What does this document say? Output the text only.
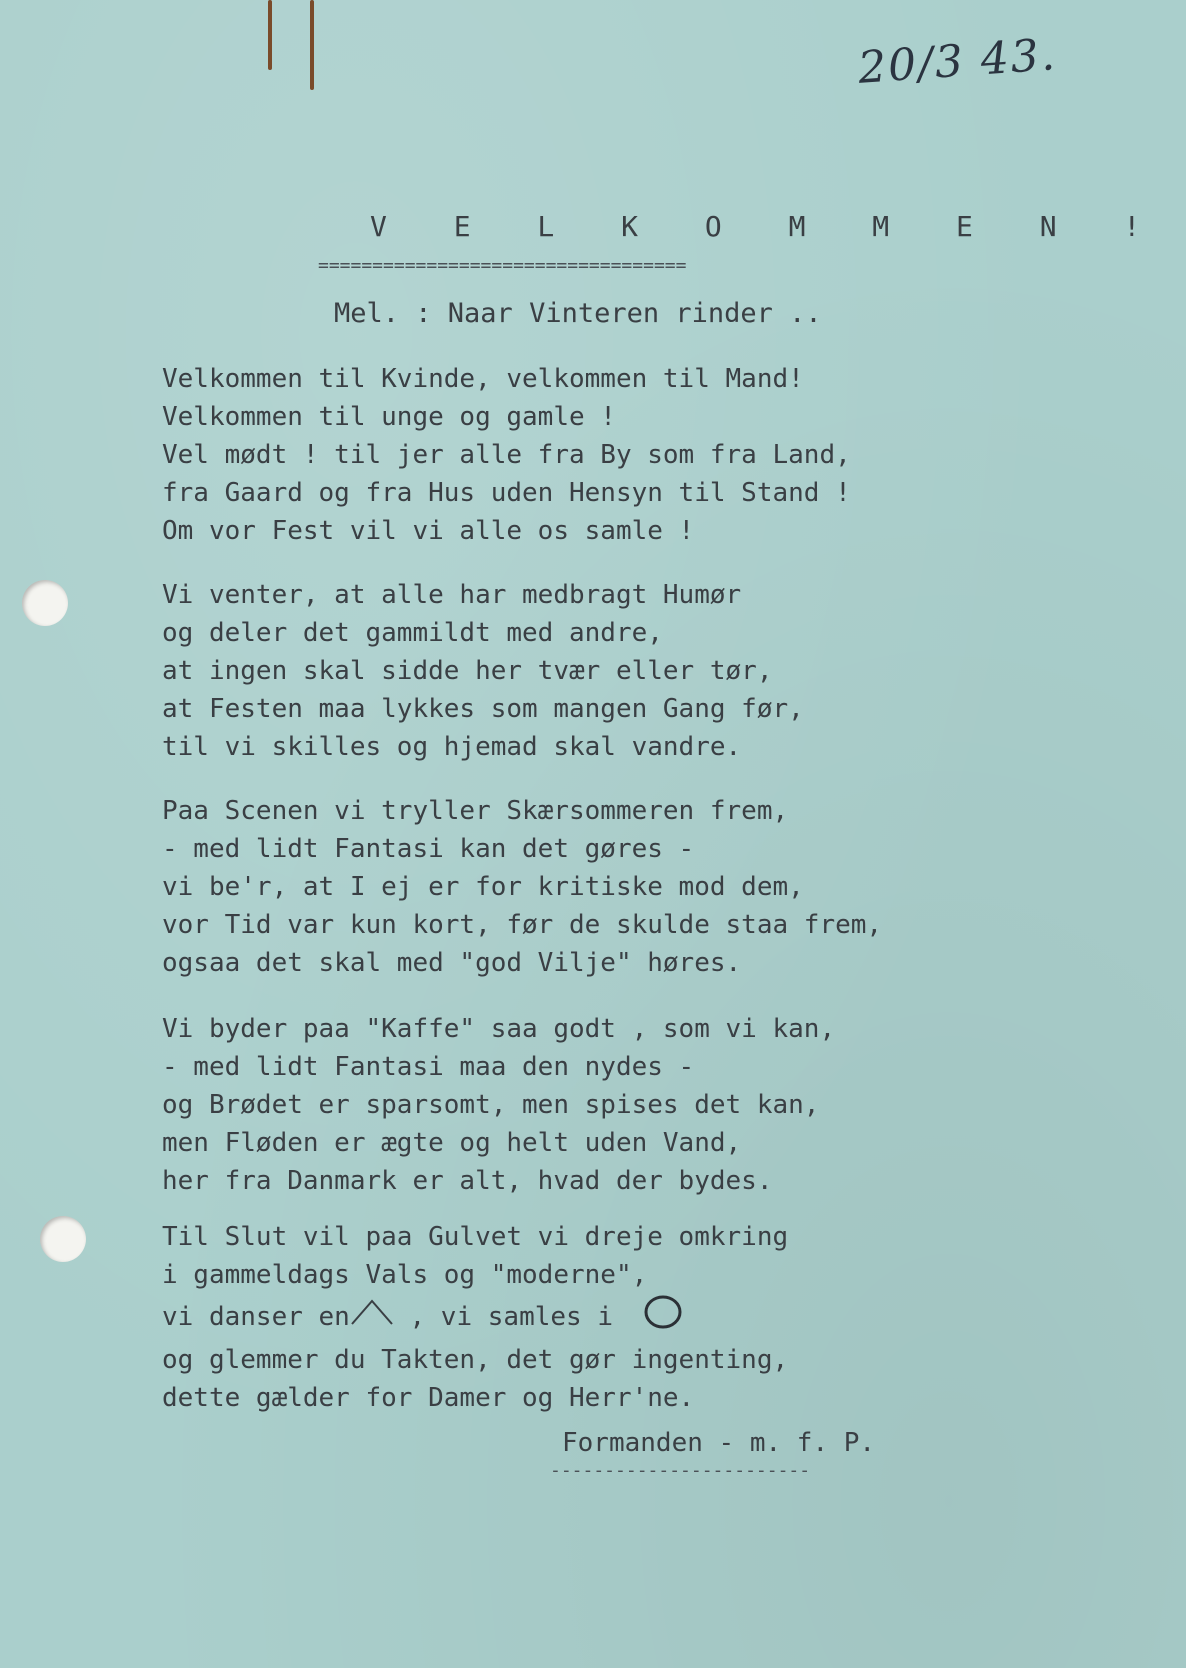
20/3 43.
V E L K O M M E N !
==================================
Mel. : Naar Vinteren rinder ..
Velkommen til Kvinde, velkommen til Mand!
Velkommen til unge og gamle !
Vel mødt ! til jer alle fra By som fra Land,
fra Gaard og fra Hus uden Hensyn til Stand !
Om vor Fest vil vi alle os samle !
Vi venter, at alle har medbragt Humør
og deler det gammildt med andre,
at ingen skal sidde her tvær eller tør,
at Festen maa lykkes som mangen Gang før,
til vi skilles og hjemad skal vandre.
Paa Scenen vi tryller Skærsommeren frem,
- med lidt Fantasi kan det gøres -
vi be'r, at I ej er for kritiske mod dem,
vor Tid var kun kort, før de skulde staa frem,
ogsaa det skal med "god Vilje" høres.
Vi byder paa "Kaffe" saa godt , som vi kan,
- med lidt Fantasi maa den nydes -
og Brødet er sparsomt, men spises det kan,
men Fløden er ægte og helt uden Vand,
her fra Danmark er alt, hvad der bydes.
Til Slut vil paa Gulvet vi dreje omkring
i gammeldags Vals og "moderne",
vi danser en , vi samles i
og glemmer du Takten, det gør ingenting,
dette gælder for Damer og Herr'ne.
Formanden - m. f. P.
------------------------
